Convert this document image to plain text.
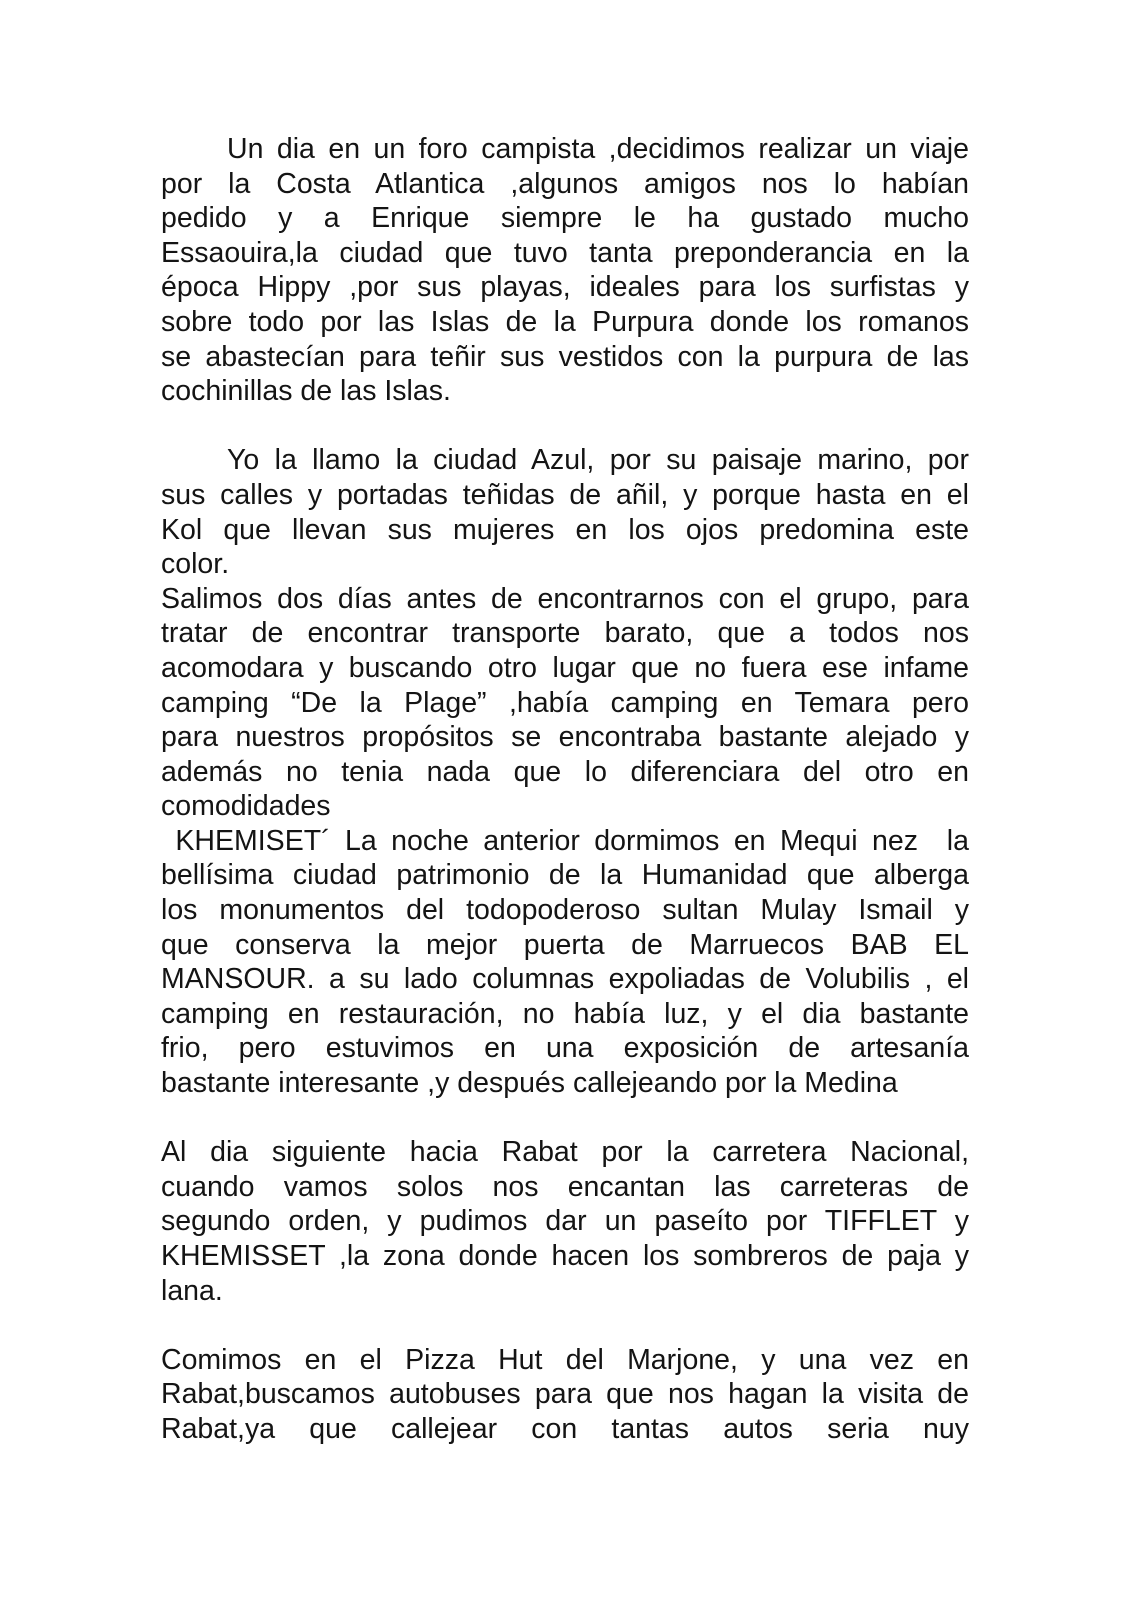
Un dia en un foro campista ,decidimos realizar un viaje
por la Costa Atlantica ,algunos amigos nos lo habían
pedido y a Enrique siempre le ha gustado mucho
Essaouira,la ciudad que tuvo tanta preponderancia en la
época Hippy ,por sus playas, ideales para los surfistas y
sobre todo por las Islas de la Purpura donde los romanos
se abastecían para teñir sus vestidos con la purpura de las
cochinillas de las Islas.
Yo la llamo la ciudad Azul, por su paisaje marino, por
sus calles y portadas teñidas de añil, y porque hasta en el
Kol que llevan sus mujeres en los ojos predomina este
color.
Salimos dos días antes de encontrarnos con el grupo, para
tratar de encontrar transporte barato, que a todos nos
acomodara y buscando otro lugar que no fuera ese infame
camping “De la Plage” ,había camping en Temara pero
para nuestros propósitos se encontraba bastante alejado y
además no tenia nada que lo diferenciara del otro en
comodidades
KHEMISET´ La noche anterior dormimos en Mequi nez  la
bellísima ciudad patrimonio de la Humanidad que alberga
los monumentos del todopoderoso sultan Mulay Ismail y
que conserva la mejor puerta de Marruecos BAB EL
MANSOUR. a su lado columnas expoliadas de Volubilis , el
camping en restauración, no había luz, y el dia bastante
frio, pero estuvimos en una exposición de artesanía
bastante interesante ,y después callejeando por la Medina
Al dia siguiente hacia Rabat por la carretera Nacional,
cuando vamos solos nos encantan las carreteras de
segundo orden, y pudimos dar un paseíto por TIFFLET y
KHEMISSET ,la zona donde hacen los sombreros de paja y
lana.
Comimos en el Pizza Hut del Marjone, y una vez en
Rabat,buscamos autobuses para que nos hagan la visita de
Rabat,ya que callejear con tantas autos seria nuy
